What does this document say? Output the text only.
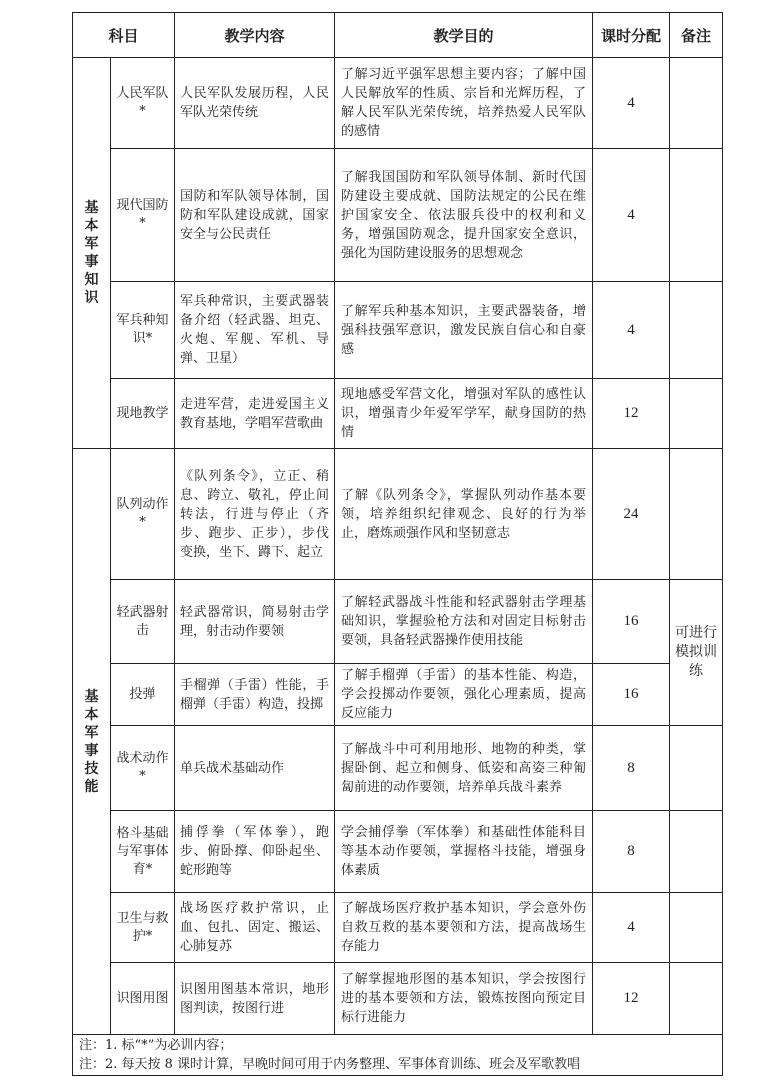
科目		教学内容	教学目的	课时分配	备注
基本军事知识	人民军队*	人民军队发展历程，人民军队光荣传统	了解习近平强军思想主要内容；了解中国人民解放军的性质、宗旨和光辉历程，了解人民军队光荣传统，培养热爱人民军队的感情	4	
	现代国防*	国防和军队领导体制，国防和军队建设成就，国家安全与公民责任	了解我国国防和军队领导体制、新时代国防建设主要成就、国防法规定的公民在维护国家安全、依法服兵役中的权利和义务，增强国防观念，提升国家安全意识，强化为国防建设服务的思想观念	4	
	军兵种知识*	军兵种常识，主要武器装备介绍（轻武器、坦克、火炮、军舰、军机、导弹、卫星）	了解军兵种基本知识，主要武器装备，增强科技强军意识，激发民族自信心和自豪感	4	
	现地教学	走进军营，走进爱国主义教育基地，学唱军营歌曲	现地感受军营文化，增强对军队的感性认识，增强青少年爱军学军，献身国防的热情	12	
基本军事技能	队列动作*	《队列条令》，立正、稍息、跨立、敬礼，停止间转法，行进与停止（齐步、跑步、正步），步伐变换，坐下、蹲下、起立	了解《队列条令》，掌握队列动作基本要领，培养组织纪律观念、良好的行为举止，磨炼顽强作风和坚韧意志	24	
	轻武器射击	轻武器常识，简易射击学理，射击动作要领	了解轻武器战斗性能和轻武器射击学理基础知识，掌握验枪方法和对固定目标射击要领，具备轻武器操作使用技能	16	可进行模拟训练
	投弹	手榴弹（手雷）性能，手榴弹（手雷）构造，投掷	了解手榴弹（手雷）的基本性能、构造，学会投掷动作要领，强化心理素质，提高反应能力	16	
	战术动作*	单兵战术基础动作	了解战斗中可利用地形、地物的种类，掌握卧倒、起立和侧身、低姿和高姿三种匍匐前进的动作要领，培养单兵战斗素养	8	
	格斗基础与军事体育*	捕俘拳（军体拳），跑步、俯卧撑、仰卧起坐、蛇形跑等	学会捕俘拳（军体拳）和基础性体能科目等基本动作要领，掌握格斗技能，增强身体素质	8	
	卫生与救护*	战场医疗救护常识，止血、包扎、固定、搬运、心肺复苏	了解战场医疗救护基本知识，学会意外伤自救互救的基本要领和方法，提高战场生存能力	4	
	识图用图	识图用图基本常识，地形图判读，按图行进	了解掌握地形图的基本知识，学会按图行进的基本要领和方法，锻炼按图向预定目标行进能力	12	

注：1. 标“*”为必训内容；
注：2. 每天按 8 课时计算，早晚时间可用于内务整理、军事体育训练、班会及军歌教唱					
